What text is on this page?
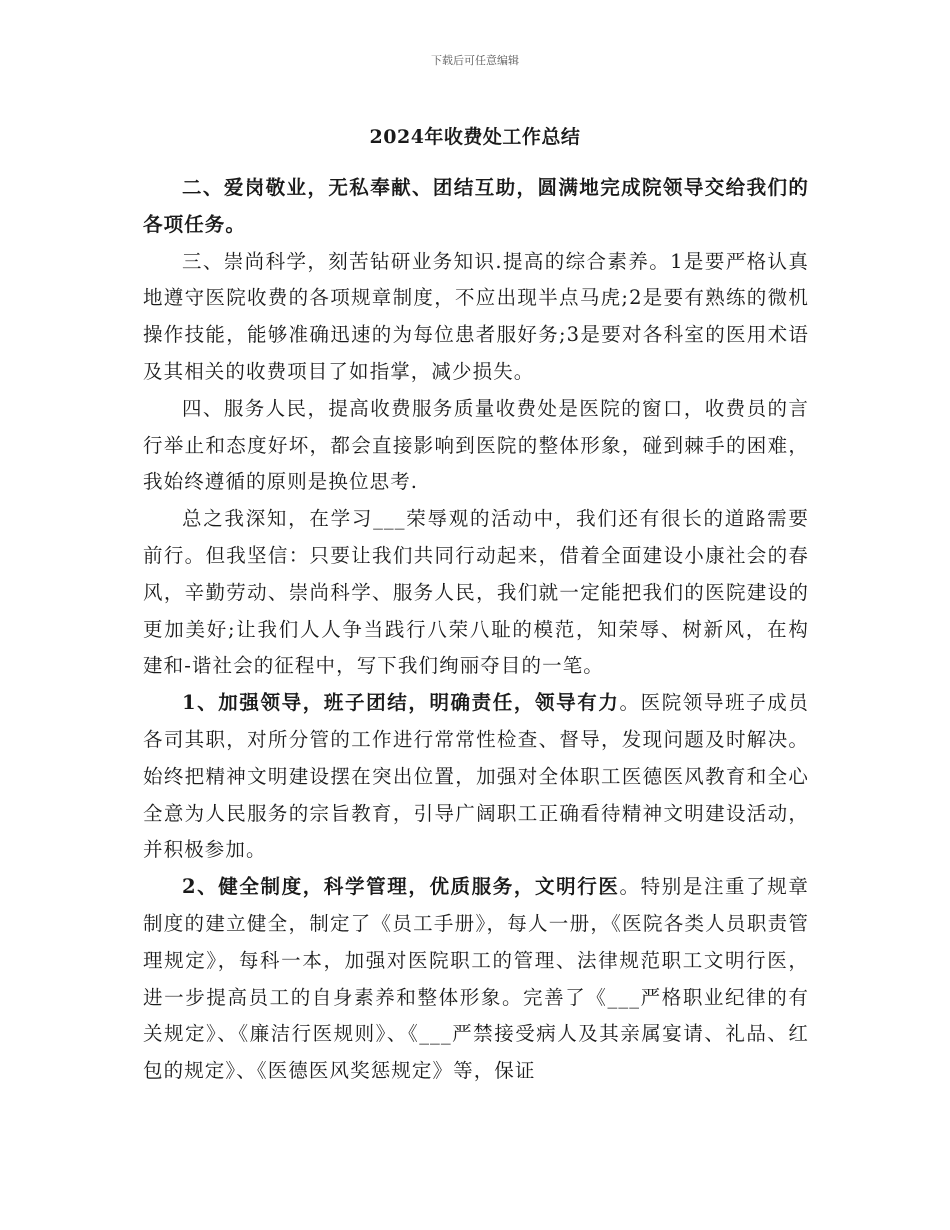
下载后可任意编辑
2024年收费处工作总结

二、爱岗敬业，无私奉献、团结互助，圆满地完成院领导交给我们的各项任务。

三、崇尚科学，刻苦钻研业务知识.提高的综合素养。1是要严格认真地遵守医院收费的各项规章制度，不应出现半点马虎;2是要有熟练的微机操作技能，能够准确迅速的为每位患者服好务;3是要对各科室的医用术语及其相关的收费项目了如指掌，减少损失。

四、服务人民，提高收费服务质量收费处是医院的窗口，收费员的言行举止和态度好坏，都会直接影响到医院的整体形象，碰到棘手的困难，我始终遵循的原则是换位思考.

总之我深知，在学习___荣辱观的活动中，我们还有很长的道路需要前行。但我坚信：只要让我们共同行动起来，借着全面建设小康社会的春风，辛勤劳动、崇尚科学、服务人民，我们就一定能把我们的医院建设的更加美好;让我们人人争当践行八荣八耻的模范，知荣辱、树新风，在构建和-谐社会的征程中，写下我们绚丽夺目的一笔。

1、加强领导，班子团结，明确责任，领导有力。医院领导班子成员各司其职，对所分管的工作进行常常性检查、督导，发现问题及时解决。始终把精神文明建设摆在突出位置，加强对全体职工医德医风教育和全心全意为人民服务的宗旨教育，引导广阔职工正确看待精神文明建设活动，并积极参加。

2、健全制度，科学管理，优质服务，文明行医。特别是注重了规章制度的建立健全，制定了《员工手册》，每人一册，《医院各类人员职责管理规定》，每科一本，加强对医院职工的管理、法律规范职工文明行医，进一步提高员工的自身素养和整体形象。完善了《___严格职业纪律的有关规定》、《廉洁行医规则》、《___严禁接受病人及其亲属宴请、礼品、红包的规定》、《医德医风奖惩规定》等，保证
